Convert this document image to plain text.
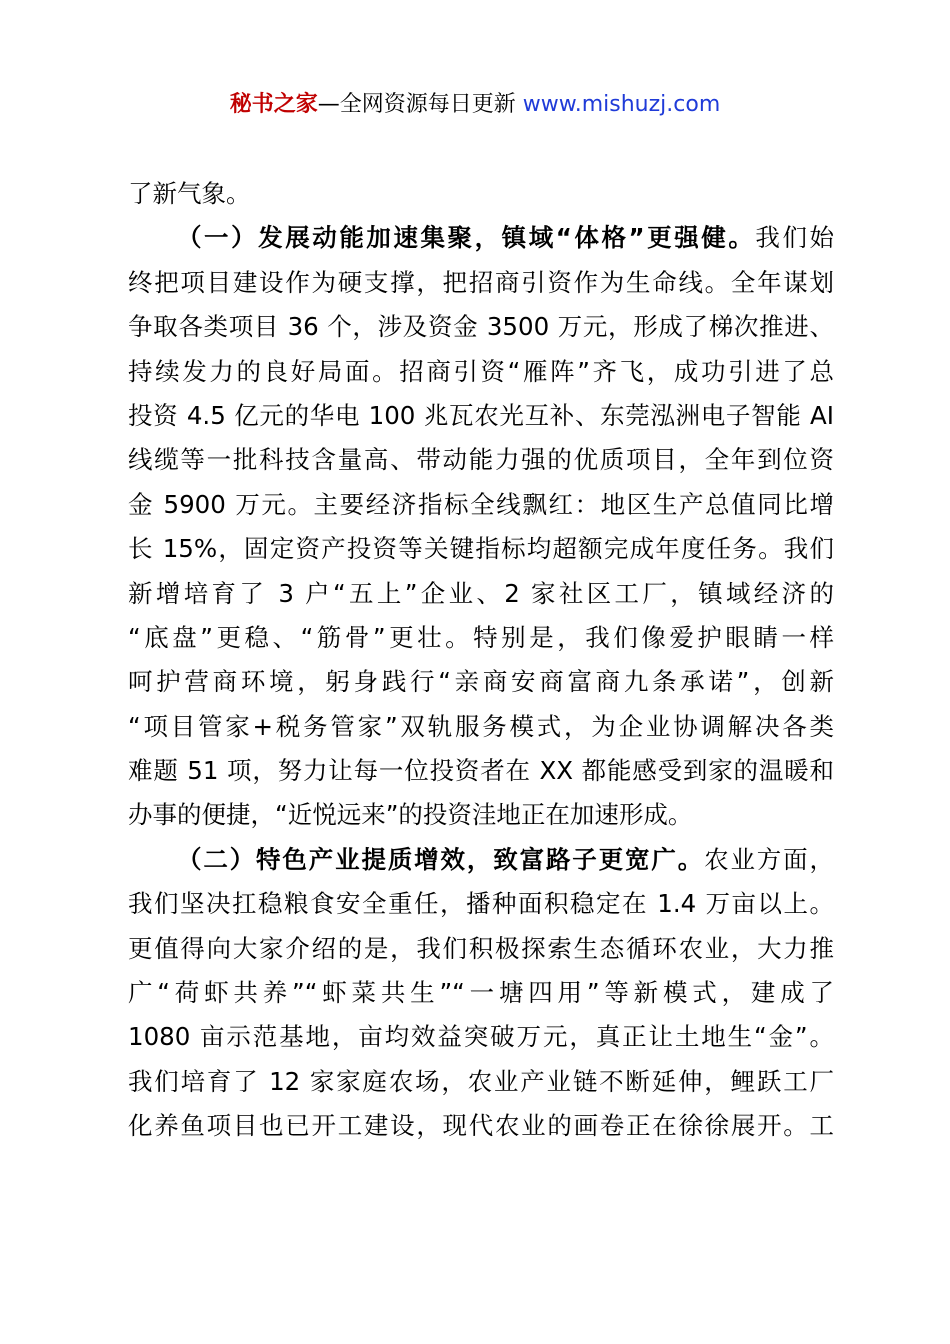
秘书之家—全网资源每日更新 www.mishuzj.com
了新气象。
（一）发展动能加速集聚，镇域“体格”更强健。我们始
终把项目建设作为硬支撑，把招商引资作为生命线。全年谋划
争取各类项目 36 个，涉及资金 3500 万元，形成了梯次推进、
持续发力的良好局面。招商引资“雁阵”齐飞，成功引进了总
投资 4.5 亿元的华电 100 兆瓦农光互补、东莞泓洲电子智能 AI
线缆等一批科技含量高、带动能力强的优质项目，全年到位资
金 5900 万元。主要经济指标全线飘红：地区生产总值同比增
长 15%，固定资产投资等关键指标均超额完成年度任务。我们
新增培育了 3 户“五上”企业、2 家社区工厂，镇域经济的
“底盘”更稳、“筋骨”更壮。特别是，我们像爱护眼睛一样
呵护营商环境，躬身践行“亲商安商富商九条承诺”，创新
“项目管家+税务管家”双轨服务模式，为企业协调解决各类
难题 51 项，努力让每一位投资者在 XX 都能感受到家的温暖和
办事的便捷，“近悦远来”的投资洼地正在加速形成。
（二）特色产业提质增效，致富路子更宽广。农业方面，
我们坚决扛稳粮食安全重任，播种面积稳定在 1.4 万亩以上。
更值得向大家介绍的是，我们积极探索生态循环农业，大力推
广“荷虾共养”“虾菜共生”“一塘四用”等新模式，建成了
1080 亩示范基地，亩均效益突破万元，真正让土地生“金”。
我们培育了 12 家家庭农场，农业产业链不断延伸，鲤跃工厂
化养鱼项目也已开工建设，现代农业的画卷正在徐徐展开。工
